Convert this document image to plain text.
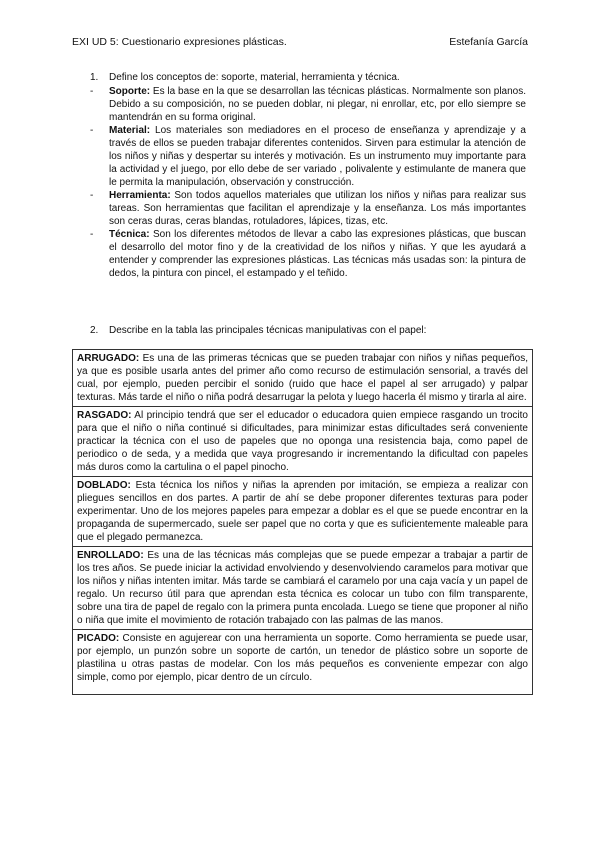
EXI UD 5: Cuestionario expresiones plásticas.	Estefanía García
1. Define los conceptos de: soporte, material, herramienta y técnica.
- Soporte: Es la base en la que se desarrollan las técnicas plásticas. Normalmente son planos. Debido a su composición, no se pueden doblar, ni plegar, ni enrollar, etc, por ello siempre se mantendrán en su forma original.
- Material: Los materiales son mediadores en el proceso de enseñanza y aprendizaje y a través de ellos se pueden trabajar diferentes contenidos. Sirven para estimular la atención de los niños y niñas y despertar su interés y motivación. Es un instrumento muy importante para la actividad y el juego, por ello debe de ser variado , polivalente y estimulante de manera que le permita la manipulación, observación y construcción.
- Herramienta: Son todos aquellos materiales que utilizan los niños y niñas para realizar sus tareas. Son herramientas que facilitan el aprendizaje y la enseñanza. Los más importantes son ceras duras, ceras blandas, rotuladores, lápices, tizas, etc.
- Técnica: Son los diferentes métodos de llevar a cabo las expresiones plásticas, que buscan el desarrollo del motor fino y de la creatividad de los niños y niñas. Y que les ayudará a entender y comprender las expresiones plásticas. Las técnicas más usadas son: la pintura de dedos, la pintura con pincel, el estampado y el teñido.
2. Describe en la tabla las principales técnicas manipulativas con el papel:
ARRUGADO: Es una de las primeras técnicas que se pueden trabajar con niños y niñas pequeños, ya que es posible usarla antes del primer año como recurso de estimulación sensorial, a través del cual, por ejemplo, pueden percibir el sonido (ruido que hace el papel al ser arrugado) y palpar texturas. Más tarde el niño o niña podrá desarrugar la pelota y luego hacerla él mismo y tirarla al aire.
RASGADO: Al principio tendrá que ser el educador o educadora quien empiece rasgando un trocito para que el niño o niña continué si dificultades, para minimizar estas dificultades será conveniente practicar la técnica con el uso de papeles que no oponga una resistencia baja, como papel de periodico o de seda, y a medida que vaya progresando ir incrementando la dificultad con papeles más duros como la cartulina o el papel pinocho.
DOBLADO: Esta técnica los niños y niñas la aprenden por imitación, se empieza a realizar con pliegues sencillos en dos partes. A partir de ahí se debe proponer diferentes texturas para poder experimentar. Uno de los mejores papeles para empezar a doblar es el que se puede encontrar en la propaganda de supermercado, suele ser papel que no corta y que es suficientemente maleable para que el plegado permanezca.
ENROLLADO: Es una de las técnicas más complejas que se puede empezar a trabajar a partir de los tres años. Se puede iniciar la actividad envolviendo y desenvolviendo caramelos para motivar que los niños y niñas intenten imitar. Más tarde se cambiará el caramelo por una caja vacía y un papel de regalo. Un recurso útil para que aprendan esta técnica es colocar un tubo con film transparente, sobre una tira de papel de regalo con la primera punta encolada. Luego se tiene que proponer al niño o niña que imite el movimiento de rotación trabajado con las palmas de las manos.
PICADO: Consiste en agujerear con una herramienta un soporte. Como herramienta se puede usar, por ejemplo, un punzón sobre un soporte de cartón, un tenedor de plástico sobre un soporte de plastilina u otras pastas de modelar. Con los más pequeños es conveniente empezar con algo simple, como por ejemplo, picar dentro de un círculo.
